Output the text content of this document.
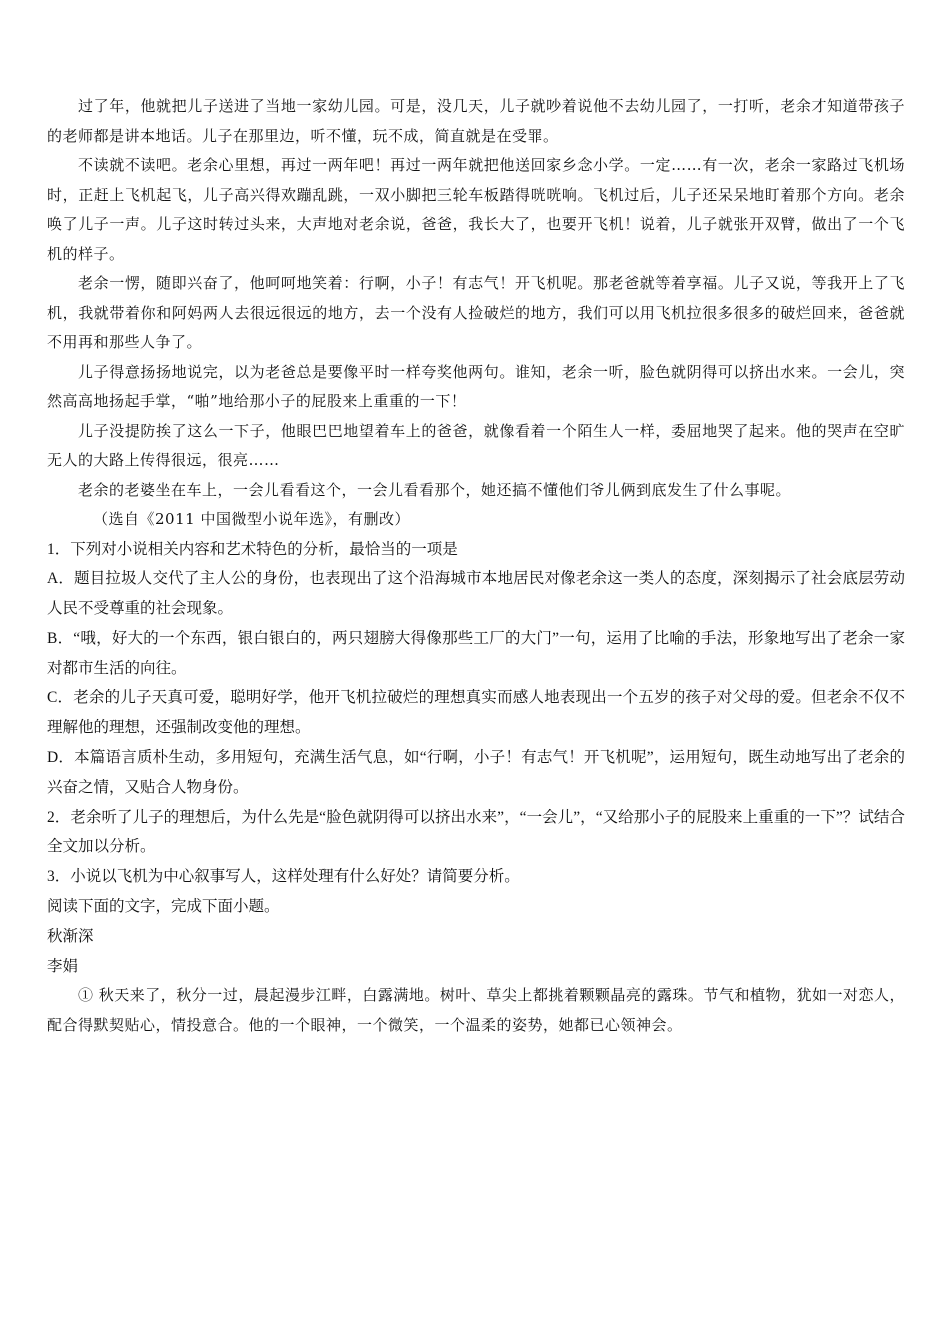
过了年，他就把儿子送进了当地一家幼儿园。可是，没几天，儿子就吵着说他不去幼儿园了，一打听，老余才知道带孩子的老师都是讲本地话。儿子在那里边，听不懂，玩不成，简直就是在受罪。

不读就不读吧。老余心里想，再过一两年吧！再过一两年就把他送回家乡念小学。一定……有一次，老余一家路过飞机场时，正赶上飞机起飞，儿子高兴得欢蹦乱跳，一双小脚把三轮车板踏得咣咣响。飞机过后，儿子还呆呆地盯着那个方向。老余唤了儿子一声。儿子这时转过头来，大声地对老余说，爸爸，我长大了，也要开飞机！说着，儿子就张开双臂，做出了一个飞机的样子。

老余一愣，随即兴奋了，他呵呵地笑着：行啊，小子！有志气！开飞机呢。那老爸就等着享福。儿子又说，等我开上了飞机，我就带着你和阿妈两人去很远很远的地方，去一个没有人捡破烂的地方，我们可以用飞机拉很多很多的破烂回来，爸爸就不用再和那些人争了。

儿子得意扬扬地说完，以为老爸总是要像平时一样夸奖他两句。谁知，老余一听，脸色就阴得可以挤出水来。一会儿，突然高高地扬起手掌，“啪”地给那小子的屁股来上重重的一下！

儿子没提防挨了这么一下子，他眼巴巴地望着车上的爸爸，就像看着一个陌生人一样，委屈地哭了起来。他的哭声在空旷无人的大路上传得很远，很亮……

老余的老婆坐在车上，一会儿看看这个，一会儿看看那个，她还搞不懂他们爷儿俩到底发生了什么事呢。

（选自《2011 中国微型小说年选》，有删改）

1．下列对小说相关内容和艺术特色的分析，最恰当的一项是

A．题目拉圾人交代了主人公的身份，也表现出了这个沿海城市本地居民对像老余这一类人的态度，深刻揭示了社会底层劳动人民不受尊重的社会现象。

B．“哦，好大的一个东西，银白银白的，两只翅膀大得像那些工厂的大门”一句，运用了比喻的手法，形象地写出了老余一家对都市生活的向往。

C．老余的儿子天真可爱，聪明好学，他开飞机拉破烂的理想真实而感人地表现出一个五岁的孩子对父母的爱。但老余不仅不理解他的理想，还强制改变他的理想。

D．本篇语言质朴生动，多用短句，充满生活气息，如“行啊，小子！有志气！开飞机呢”，运用短句，既生动地写出了老余的兴奋之情，又贴合人物身份。

2．老余听了儿子的理想后，为什么先是“脸色就阴得可以挤出水来”，“一会儿”，“又给那小子的屁股来上重重的一下”？试结合全文加以分析。

3．小说以飞机为中心叙事写人，这样处理有什么好处？请简要分析。

阅读下面的文字，完成下面小题。

秋渐深

李娟

① 秋天来了，秋分一过，晨起漫步江畔，白露满地。树叶、草尖上都挑着颗颗晶亮的露珠。节气和植物，犹如一对恋人，配合得默契贴心，情投意合。他的一个眼神，一个微笑，一个温柔的姿势，她都已心领神会。
